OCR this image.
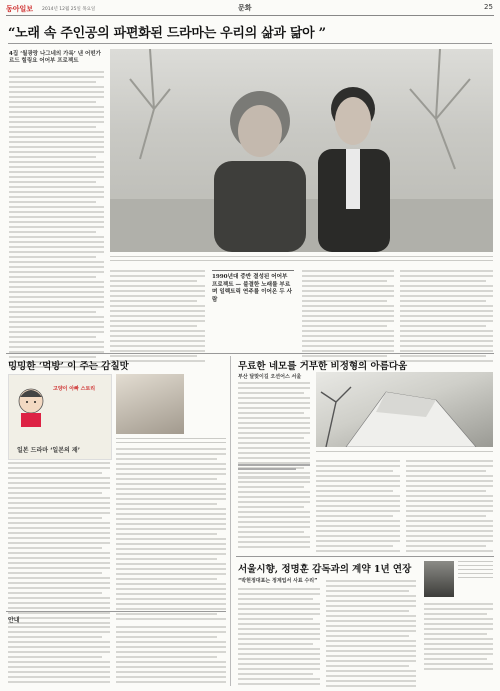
동아일보 2014년 12월 25일 목요일	문화	25
“노래 속 주인공의 파편화된 드라마는 우리의 삶과 닮아 ”
4집 ‘월광랑 나그네의 가록’ 낸 어떤가르드 힐링요 어어부 프로젝트
1990년대 중반 결성된 어어부 프로젝트 — 불결한 노래를 부르며 일렉트릭 연주를 이어온 두 사람
밍밍한 ‘먹방’ 이 주는 감칠맛
고양이 아빠 스토리
일본 드라마 ‘일본의 재’
안내
무료한 네모를 거부한 비정형의 아름다움
부산 달맞이길 오션어스 서울
서울시향, 정명훈 감독과의 계약 1년 연장
“박현정대표는 정계업서 사표 수리”
